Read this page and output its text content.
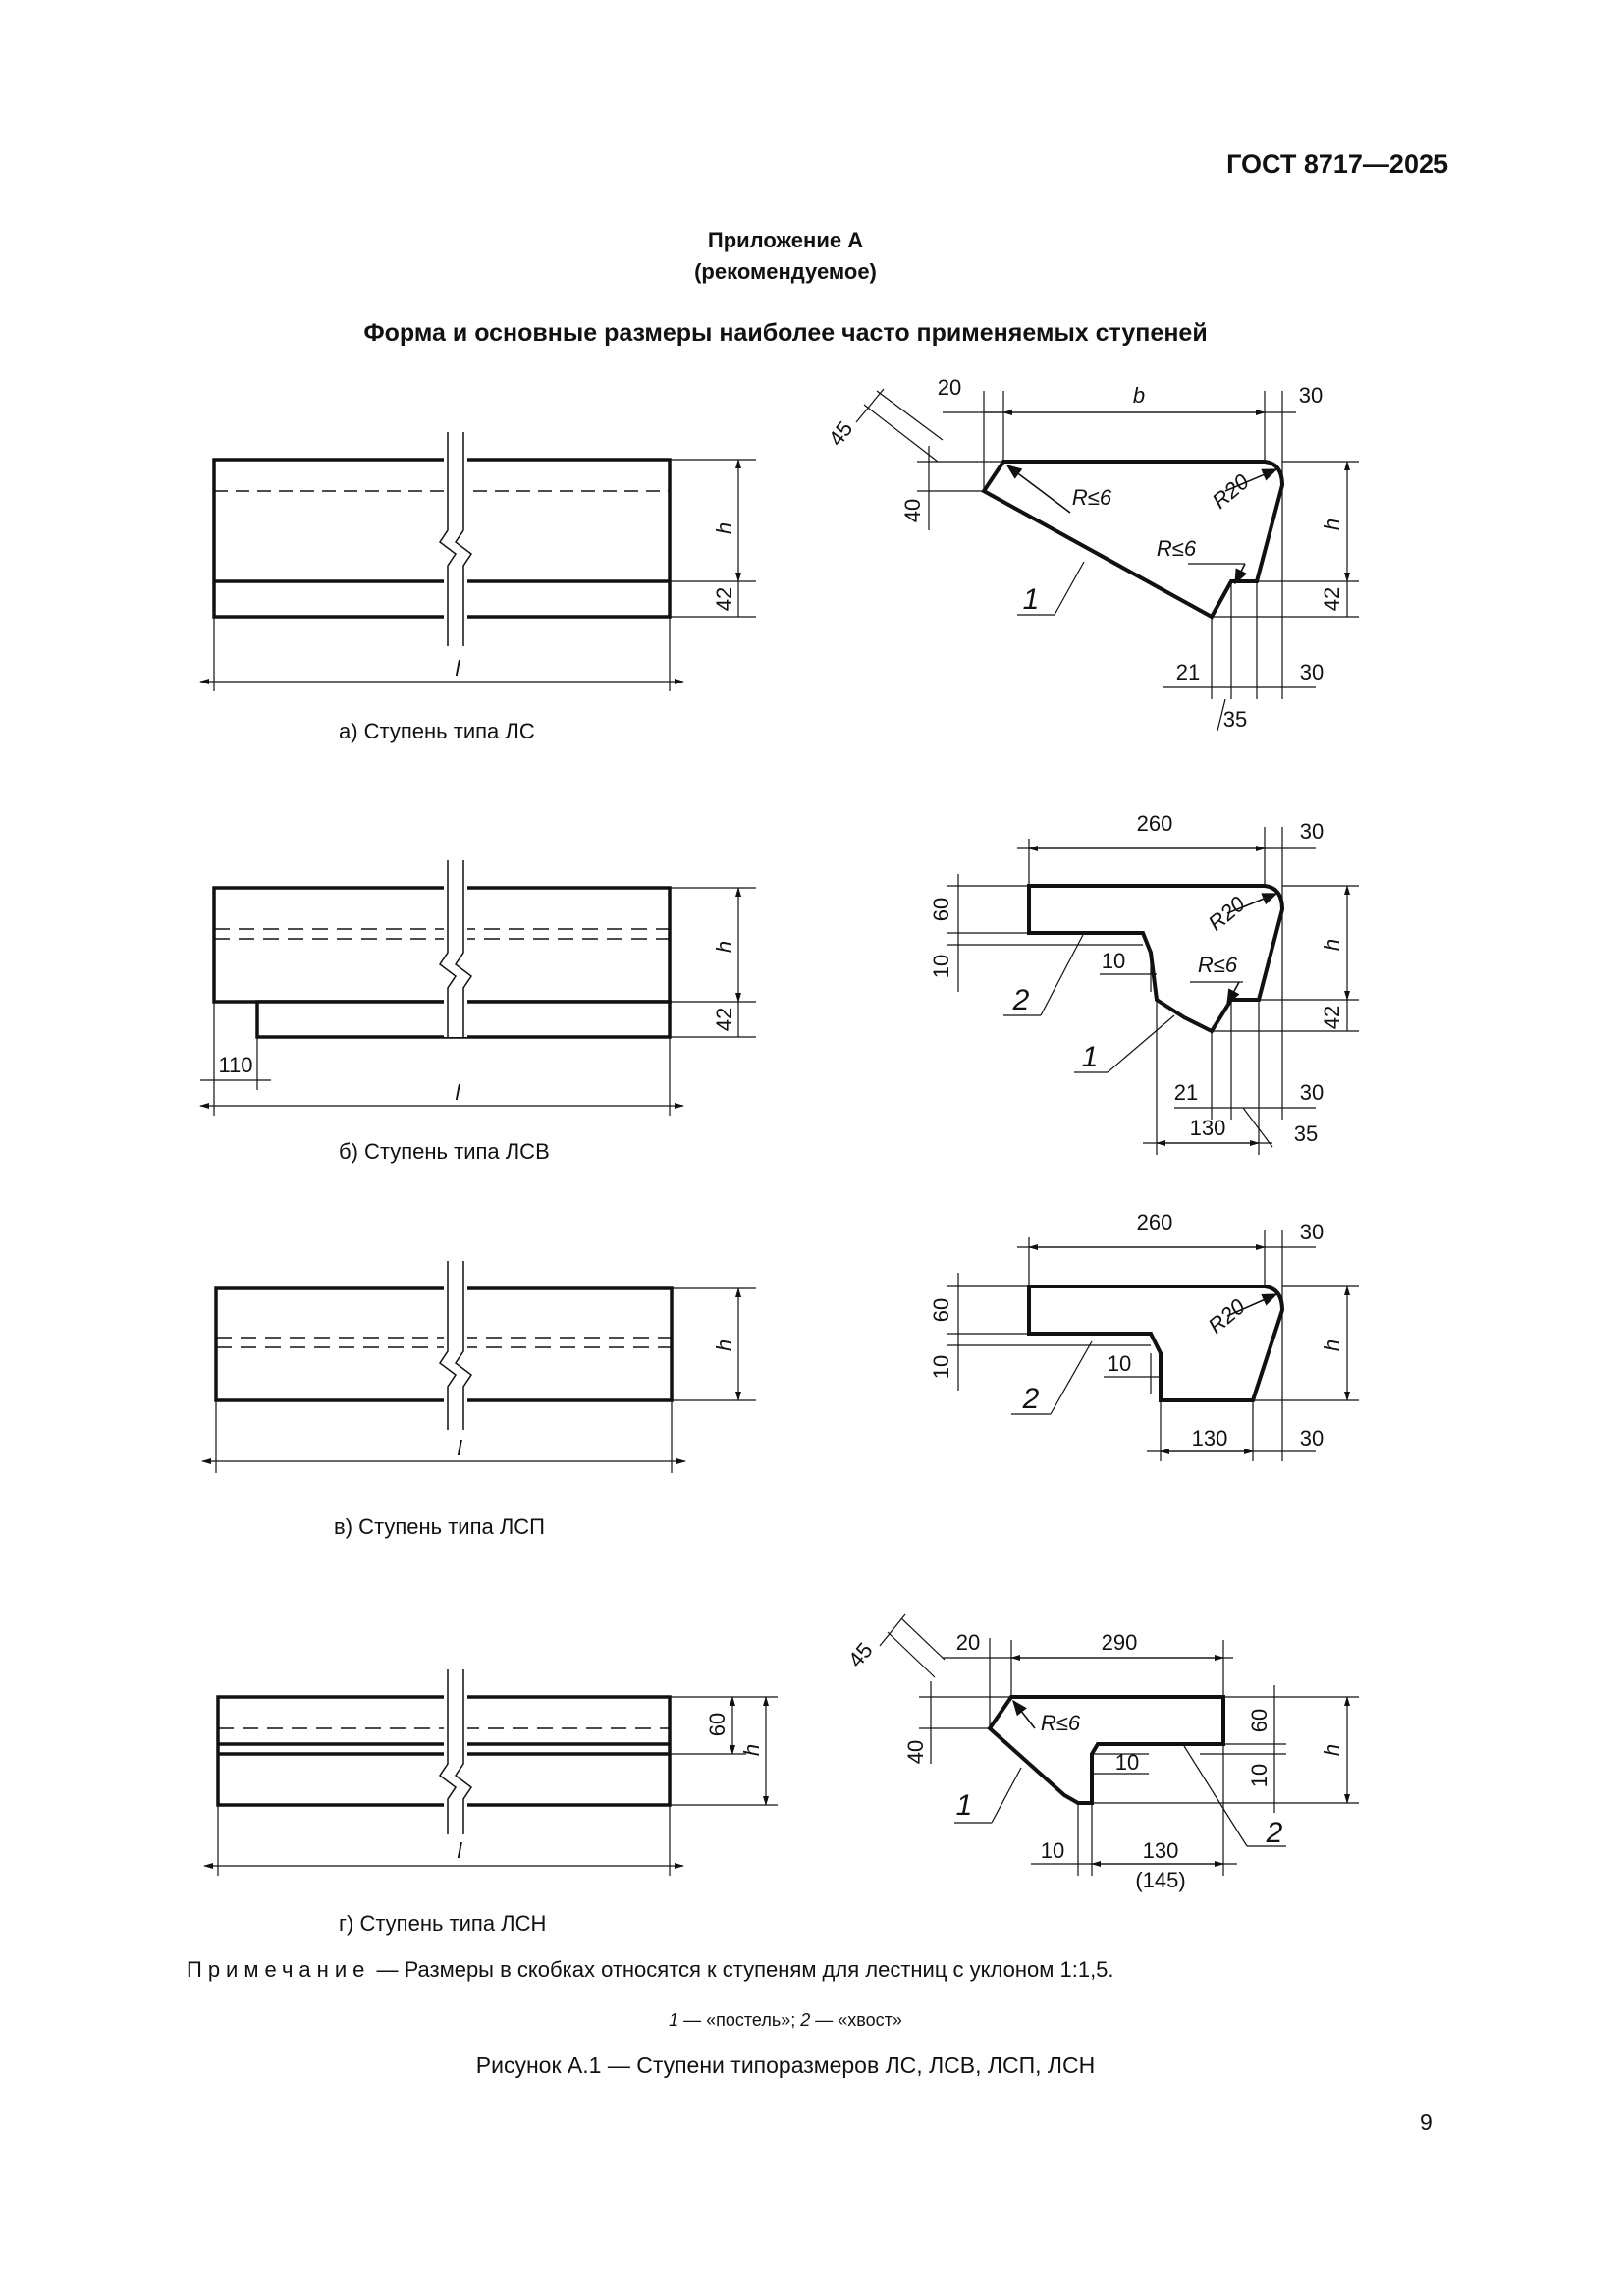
ГОСТ 8717—2025
Приложение А
(рекомендуемое)
Форма и основные размеры наиболее часто применяемых ступеней
h
42
l
20	b	30
45
40
R≤6	R20
R≤6
h
42
1
21	30
35
h
42
110
l
260	30
60
10
R20
10	R≤6
h
42
2
1
21	30
130	35
h
l
260	30
60
10
R20
10
h
2
130	30
60
h
l
45	20	290
40
R≤6
10
60
10
h
1
2
10	130
(145)
а) Ступень типа ЛС
б) Ступень типа ЛСВ
в) Ступень типа ЛСП
г) Ступень типа ЛСН
Примечание — Размеры в скобках относятся к ступеням для лестниц с уклоном 1:1,5.
1 — «постель»; 2 — «хвост»
Рисунок А.1 — Ступени типоразмеров ЛС, ЛСВ, ЛСП, ЛСН
9
